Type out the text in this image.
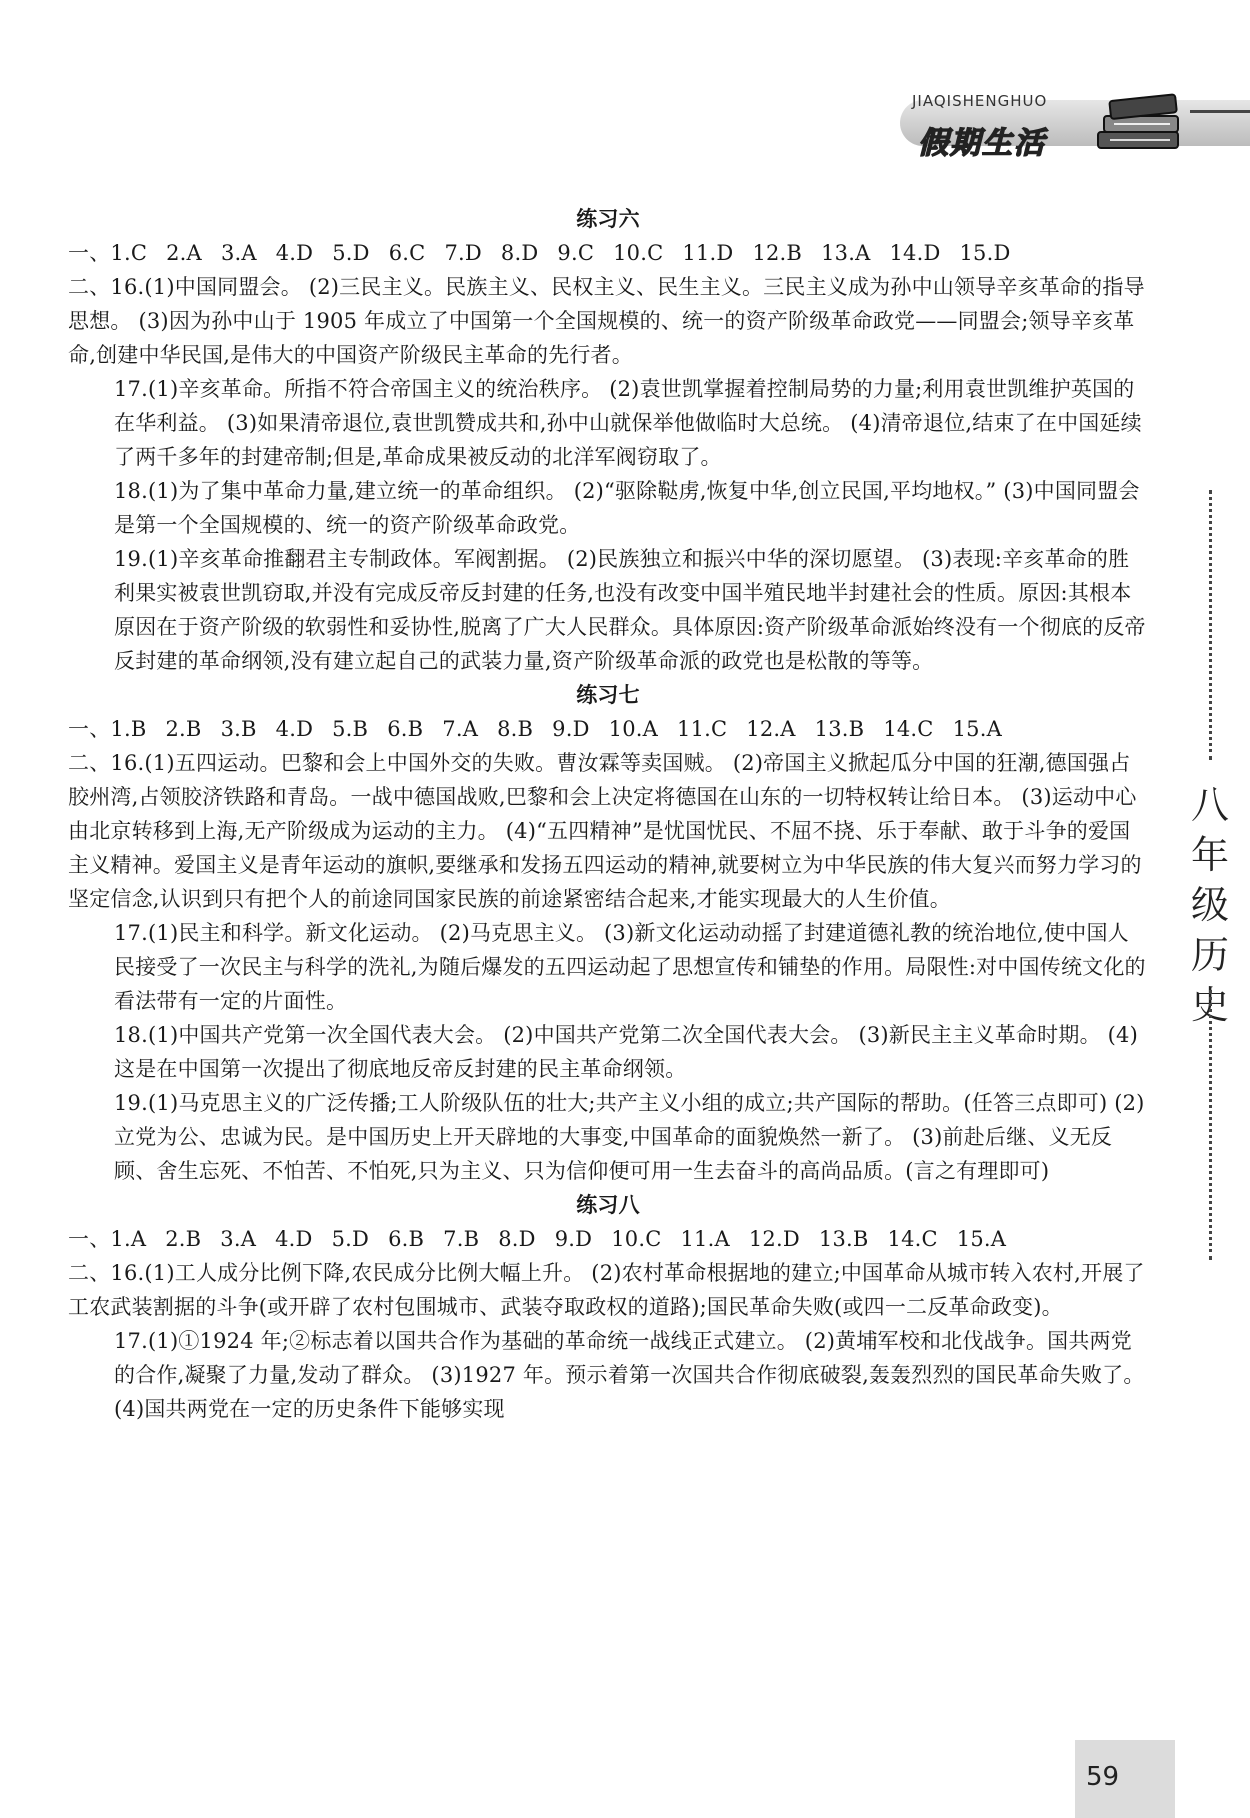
JIAQISHENGHUO
假期生活
八年级历史
59
练习六
一、 1.C 2.A 3.A 4.D 5.D 6.C 7.D 8.D 9.C 10.C 11.D 12.B 13.A 14.D 15.D

二、16.(1)中国同盟会。 (2)三民主义。民族主义、民权主义、民生主义。三民主义成为孙中山领导辛亥革命的指导思想。 (3)因为孙中山于 1905 年成立了中国第一个全国规模的、统一的资产阶级革命政党——同盟会;领导辛亥革命,创建中华民国,是伟大的中国资产阶级民主革命的先行者。

17.(1)辛亥革命。所指不符合帝国主义的统治秩序。 (2)袁世凯掌握着控制局势的力量;利用袁世凯维护英国的在华利益。 (3)如果清帝退位,袁世凯赞成共和,孙中山就保举他做临时大总统。 (4)清帝退位,结束了在中国延续了两千多年的封建帝制;但是,革命成果被反动的北洋军阀窃取了。

18.(1)为了集中革命力量,建立统一的革命组织。 (2)“驱除鞑虏,恢复中华,创立民国,平均地权。” (3)中国同盟会是第一个全国规模的、统一的资产阶级革命政党。

19.(1)辛亥革命推翻君主专制政体。军阀割据。 (2)民族独立和振兴中华的深切愿望。 (3)表现:辛亥革命的胜利果实被袁世凯窃取,并没有完成反帝反封建的任务,也没有改变中国半殖民地半封建社会的性质。原因:其根本原因在于资产阶级的软弱性和妥协性,脱离了广大人民群众。具体原因:资产阶级革命派始终没有一个彻底的反帝反封建的革命纲领,没有建立起自己的武装力量,资产阶级革命派的政党也是松散的等等。

练习七
一、 1.B 2.B 3.B 4.D 5.B 6.B 7.A 8.B 9.D 10.A 11.C 12.A 13.B 14.C 15.A

二、16.(1)五四运动。巴黎和会上中国外交的失败。曹汝霖等卖国贼。 (2)帝国主义掀起瓜分中国的狂潮,德国强占胶州湾,占领胶济铁路和青岛。一战中德国战败,巴黎和会上决定将德国在山东的一切特权转让给日本。 (3)运动中心由北京转移到上海,无产阶级成为运动的主力。 (4)“五四精神”是忧国忧民、不屈不挠、乐于奉献、敢于斗争的爱国主义精神。爱国主义是青年运动的旗帜,要继承和发扬五四运动的精神,就要树立为中华民族的伟大复兴而努力学习的坚定信念,认识到只有把个人的前途同国家民族的前途紧密结合起来,才能实现最大的人生价值。

17.(1)民主和科学。新文化运动。 (2)马克思主义。 (3)新文化运动动摇了封建道德礼教的统治地位,使中国人民接受了一次民主与科学的洗礼,为随后爆发的五四运动起了思想宣传和铺垫的作用。局限性:对中国传统文化的看法带有一定的片面性。

18.(1)中国共产党第一次全国代表大会。 (2)中国共产党第二次全国代表大会。 (3)新民主主义革命时期。 (4)这是在中国第一次提出了彻底地反帝反封建的民主革命纲领。

19.(1)马克思主义的广泛传播;工人阶级队伍的壮大;共产主义小组的成立;共产国际的帮助。(任答三点即可) (2)立党为公、忠诚为民。是中国历史上开天辟地的大事变,中国革命的面貌焕然一新了。 (3)前赴后继、义无反顾、舍生忘死、不怕苦、不怕死,只为主义、只为信仰便可用一生去奋斗的高尚品质。(言之有理即可)

练习八
一、 1.A 2.B 3.A 4.D 5.D 6.B 7.B 8.D 9.D 10.C 11.A 12.D 13.B 14.C 15.A

二、16.(1)工人成分比例下降,农民成分比例大幅上升。 (2)农村革命根据地的建立;中国革命从城市转入农村,开展了工农武装割据的斗争(或开辟了农村包围城市、武装夺取政权的道路);国民革命失败(或四一二反革命政变)。

17.(1)①1924 年;②标志着以国共合作为基础的革命统一战线正式建立。 (2)黄埔军校和北伐战争。国共两党的合作,凝聚了力量,发动了群众。 (3)1927 年。预示着第一次国共合作彻底破裂,轰轰烈烈的国民革命失败了。 (4)国共两党在一定的历史条件下能够实现
